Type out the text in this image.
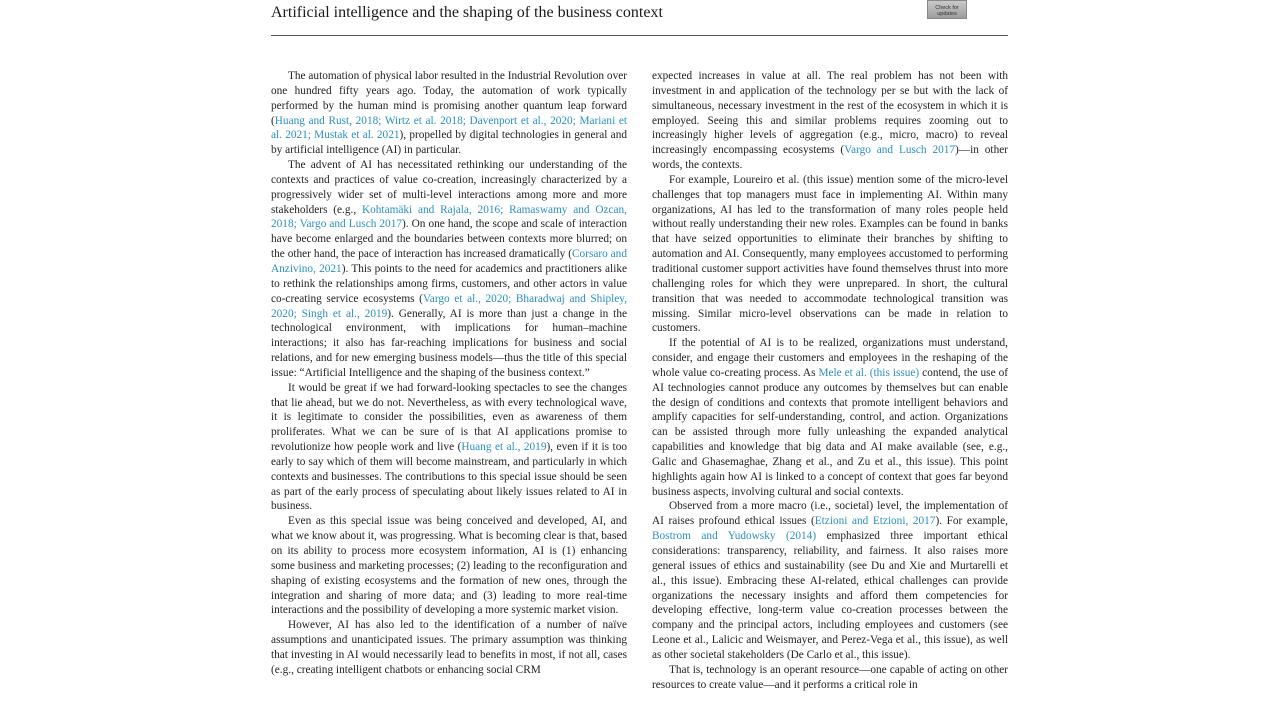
Artificial intelligence and the shaping of the business context	Check for
updates

The automation of physical labor resulted in the Industrial Revolution over one hundred fifty years ago. Today, the automation of work typically performed by the human mind is promising another quantum leap forward (Huang and Rust, 2018; Wirtz et al. 2018; Davenport et al., 2020; Mariani et al. 2021; Mustak et al. 2021), propelled by digital technologies in general and by artificial intelligence (AI) in particular.

The advent of AI has necessitated rethinking our understanding of the contexts and practices of value co-creation, increasingly characterized by a progressively wider set of multi-level interactions among more and more stakeholders (e.g., Kohtamäki and Rajala, 2016; Ramaswamy and Ozcan, 2018; Vargo and Lusch 2017). On one hand, the scope and scale of interaction have become enlarged and the boundaries between contexts more blurred; on the other hand, the pace of interaction has increased dramatically (Corsaro and Anzivino, 2021). This points to the need for academics and practitioners alike to rethink the relationships among firms, customers, and other actors in value co-creating service ecosystems (Vargo et al., 2020; Bharadwaj and Shipley, 2020; Singh et al., 2019). Generally, AI is more than just a change in the technological environment, with implications for human–machine interactions; it also has far-reaching implications for business and social relations, and for new emerging business models—thus the title of this special issue: “Artificial Intelligence and the shaping of the business context.”

It would be great if we had forward-looking spectacles to see the changes that lie ahead, but we do not. Nevertheless, as with every technological wave, it is legitimate to consider the possibilities, even as awareness of them proliferates. What we can be sure of is that AI applications promise to revolutionize how people work and live (Huang et al., 2019), even if it is too early to say which of them will become mainstream, and particularly in which contexts and businesses. The contributions to this special issue should be seen as part of the early process of speculating about likely issues related to AI in business.

Even as this special issue was being conceived and developed, AI, and what we know about it, was progressing. What is becoming clear is that, based on its ability to process more ecosystem information, AI is (1) enhancing some business and marketing processes; (2) leading to the reconfiguration and shaping of existing ecosystems and the formation of new ones, through the integration and sharing of more data; and (3) leading to more real-time interactions and the possibility of developing a more systemic market vision.

However, AI has also led to the identification of a number of naïve assumptions and unanticipated issues. The primary assumption was thinking that investing in AI would necessarily lead to benefits in most, if not all, cases (e.g., creating intelligent chatbots or enhancing social CRM

expected increases in value at all. The real problem has not been with investment in and application of the technology per se but with the lack of simultaneous, necessary investment in the rest of the ecosystem in which it is employed. Seeing this and similar problems requires zooming out to increasingly higher levels of aggregation (e.g., micro, macro) to reveal increasingly encompassing ecosystems (Vargo and Lusch 2017)—in other words, the contexts.

For example, Loureiro et al. (this issue) mention some of the micro-level challenges that top managers must face in implementing AI. Within many organizations, AI has led to the transformation of many roles people held without really understanding their new roles. Examples can be found in banks that have seized opportunities to eliminate their branches by shifting to automation and AI. Consequently, many employees accustomed to performing traditional customer support activities have found themselves thrust into more challenging roles for which they were unprepared. In short, the cultural transition that was needed to accommodate technological transition was missing. Similar micro-level observations can be made in relation to customers.

If the potential of AI is to be realized, organizations must understand, consider, and engage their customers and employees in the reshaping of the whole value co-creating process. As Mele et al. (this issue) contend, the use of AI technologies cannot produce any outcomes by themselves but can enable the design of conditions and contexts that promote intelligent behaviors and amplify capacities for self-understanding, control, and action. Organizations can be assisted through more fully unleashing the expanded analytical capabilities and knowledge that big data and AI make available (see, e.g., Galic and Ghasemaghae, Zhang et al., and Zu et al., this issue). This point highlights again how AI is linked to a concept of context that goes far beyond business aspects, involving cultural and social contexts.

Observed from a more macro (i.e., societal) level, the implementation of AI raises profound ethical issues (Etzioni and Etzioni, 2017). For example, Bostrom and Yudowsky (2014) emphasized three important ethical considerations: transparency, reliability, and fairness. It also raises more general issues of ethics and sustainability (see Du and Xie and Murtarelli et al., this issue). Embracing these AI-related, ethical challenges can provide organizations the necessary insights and afford them competencies for developing effective, long-term value co-creation processes between the company and the principal actors, including employees and customers (see Leone et al., Lalicic and Weismayer, and Perez-Vega et al., this issue), as well as other societal stakeholders (De Carlo et al., this issue).

That is, technology is an operant resource—one capable of acting on other resources to create value—and it performs a critical role in
